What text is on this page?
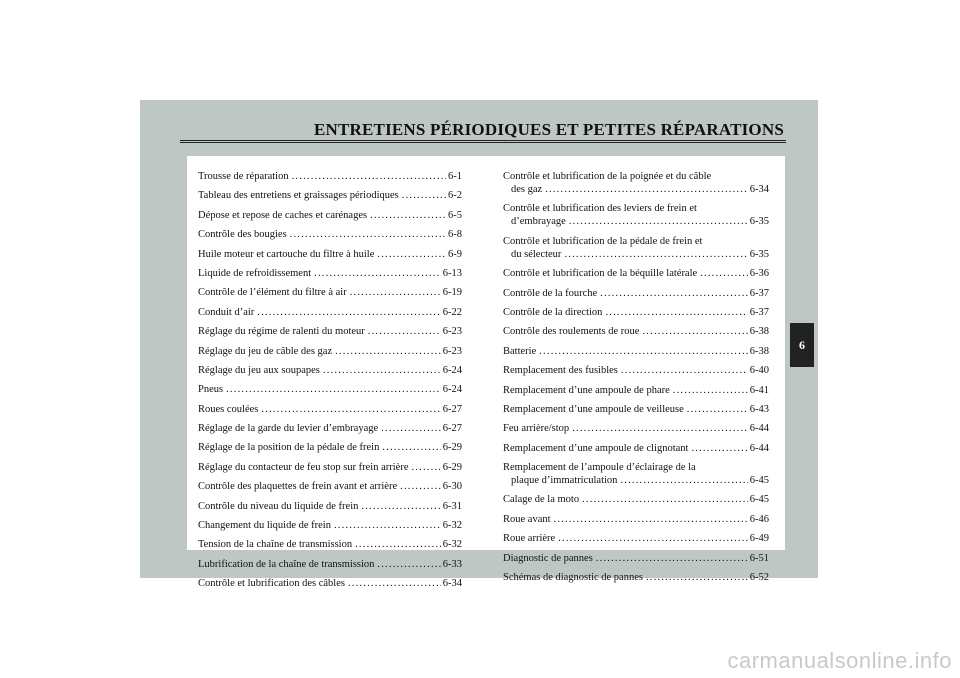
ENTRETIENS PÉRIODIQUES ET PETITES RÉPARATIONS
Trousse de réparation .....	6-1
Tableau des entretiens et graissages périodiques .....	6-2
Dépose et repose de caches et carénages .....	6-5
Contrôle des bougies .....	6-8
Huile moteur et cartouche du filtre à huile .....	6-9
Liquide de refroidissement .....	6-13
Contrôle de l’élément du filtre à air .....	6-19
Conduit d’air .....	6-22
Réglage du régime de ralenti du moteur .....	6-23
Réglage du jeu de câble des gaz .....	6-23
Réglage du jeu aux soupapes .....	6-24
Pneus .....	6-24
Roues coulées .....	6-27
Réglage de la garde du levier d’embrayage .....	6-27
Réglage de la position de la pédale de frein .....	6-29
Réglage du contacteur de feu stop sur frein arrière .....	6-29
Contrôle des plaquettes de frein avant et arrière .....	6-30
Contrôle du niveau du liquide de frein .....	6-31
Changement du liquide de frein .....	6-32
Tension de la chaîne de transmission .....	6-32
Lubrification de la chaîne de transmission .....	6-33
Contrôle et lubrification des câbles .....	6-34
Contrôle et lubrification de la poignée et du câble
des gaz .....	6-34
Contrôle et lubrification des leviers de frein et
d’embrayage .....	6-35
Contrôle et lubrification de la pédale de frein et
du sélecteur .....	6-35
Contrôle et lubrification de la béquille latérale .....	6-36
Contrôle de la fourche .....	6-37
Contrôle de la direction .....	6-37
Contrôle des roulements de roue .....	6-38
Batterie .....	6-38
Remplacement des fusibles .....	6-40
Remplacement d’une ampoule de phare .....	6-41
Remplacement d’une ampoule de veilleuse .....	6-43
Feu arrière/stop .....	6-44
Remplacement d’une ampoule de clignotant .....	6-44
Remplacement de l’ampoule d’éclairage de la
plaque d’immatriculation .....	6-45
Calage de la moto .....	6-45
Roue avant .....	6-46
Roue arrière .....	6-49
Diagnostic de pannes .....	6-51
Schémas de diagnostic de pannes .....	6-52
6
carmanualsonline.info
